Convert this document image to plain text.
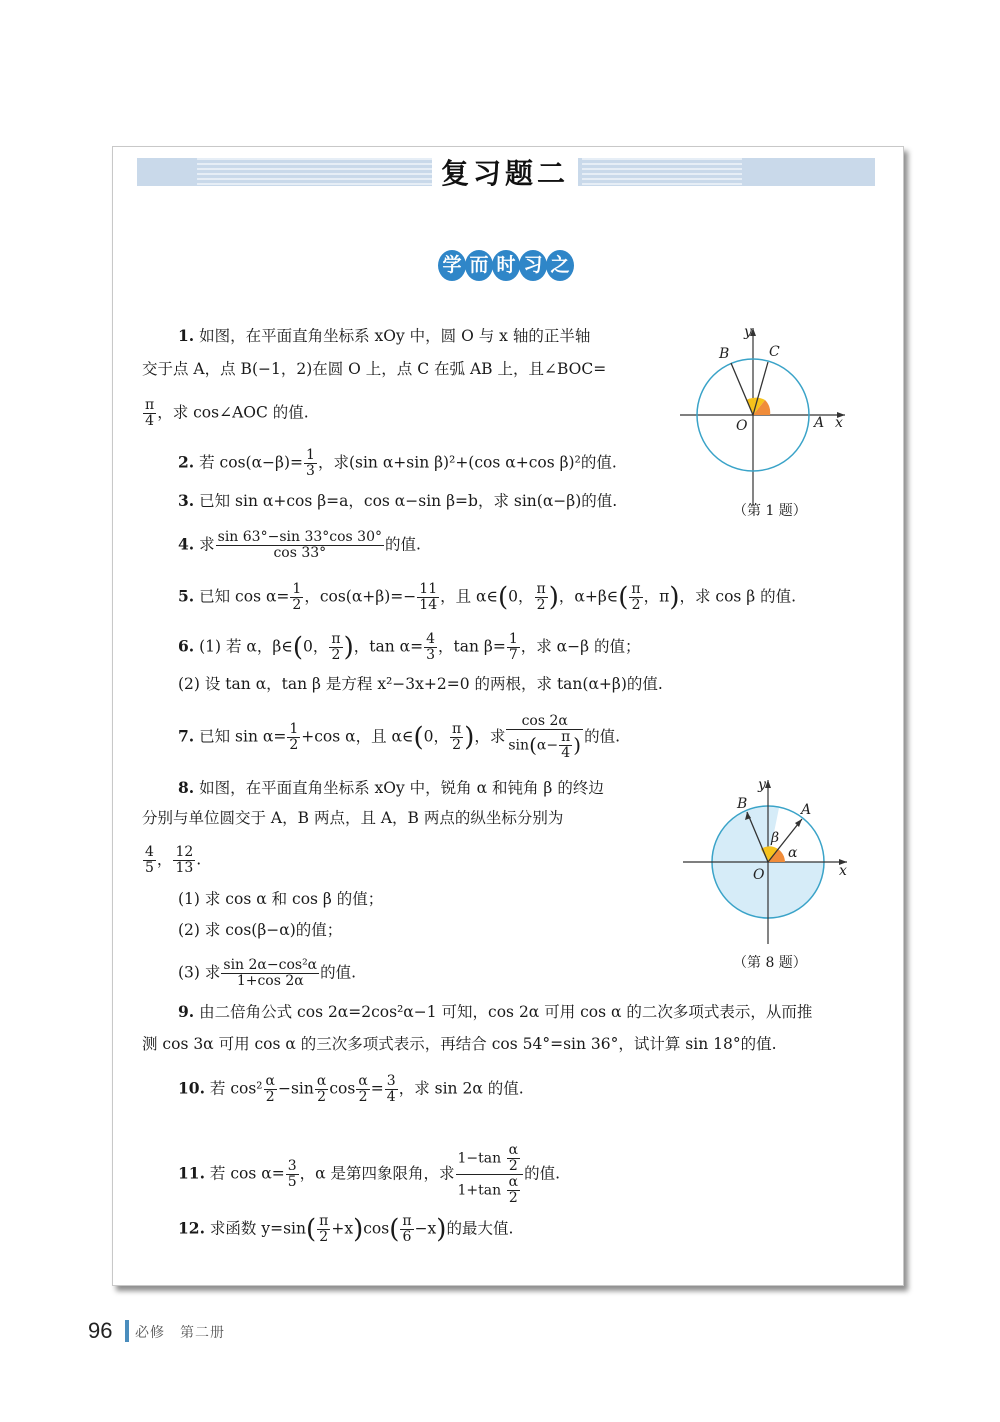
复习题二
学 而 时 习 之
1. 如图，在平面直角坐标系 xOy 中，圆 O 与 x 轴的正半轴
交于点 A，点 B(−1，2)在圆 O 上，点 C 在弧 AB 上，且∠BOC=
$\frac{\pi}{4}$ ，求 cos∠AOC 的值.
y
x
O	A
B	C
（第 1 题）
2. 若 $\cos(\alpha-\beta)= \frac{1}{3}$ ，求(sin α+sin β)²+(cos α+cos β)²的值.
3. 已知 sin α+cos β=a，cos α−sin β=b，求 sin(α−β)的值.
4. 求 $\frac{\sin 63^\circ-\sin 33^\circ\cos 30^\circ}{\cos 33^\circ}$ 的值.
5. 已知 $\cos \alpha= \frac{1}{2}$ ，$\cos(\alpha+\beta)=- \frac{11}{14}$ ，且 α∈(0， $\frac{\pi}{2}$ )，α+β∈( $\frac{\pi}{2}$ ，π)，求 cos β 的值.
6. (1) 若 α，β∈(0， $\frac{\pi}{2}$ )，$\tan \alpha= \frac{4}{3}$ ，$\tan \beta= \frac{1}{7}$ ，求 α−β 的值；
(2) 设 tan α，tan β 是方程 x²−3x+2=0 的两根，求 tan(α+β)的值.
7. 已知 $\sin \alpha= \frac{1}{2} +\cos$ α，且 α∈(0， $\frac{\pi}{2}$ )，求 $\frac{\cos 2\alpha}{\sin(\alpha- \frac{\pi}{4} )}$ 的值.
8. 如图，在平面直角坐标系 xOy 中，锐角 α 和钝角 β 的终边
分别与单位圆交于 A，B 两点，且 A，B 两点的纵坐标分别为
$\frac{4}{5}$ ， $\frac{12}{13}$ .
(1) 求 cos α 和 cos β 的值；
(2) 求 cos(β−α)的值；
(3) 求 $\frac{\text{sin 2α−cos²α}}{1+\cos 2\alpha}$ 的值.
y
x
O
A
B
α
β
（第 8 题）
9. 由二倍角公式 cos 2α=2cos²α−1 可知，cos 2α 可用 cos α 的二次多项式表示，从而推
测 cos 3α 可用 cos α 的三次多项式表示，再结合 cos 54°=sin 36°，试计算 sin 18°的值.
10. 若 $\cos^2 \frac{\alpha}{2} -\sin \frac{\alpha}{2}$ $\cos \frac{\alpha}{2} = \frac{3}{4}$ ，求 sin 2α 的值.
11. 若 $\cos \alpha= \frac{3}{5}$ ，α 是第四象限角，求 $\frac{1-\tan \frac{\alpha}{2}}{1+\tan \frac{\alpha}{2}}$ 的值.
12. 求函数 $y=\sin( \frac{\pi}{2} +x)\cos( \frac{\pi}{6} -x)$的最大值.
96 必修　第二册
